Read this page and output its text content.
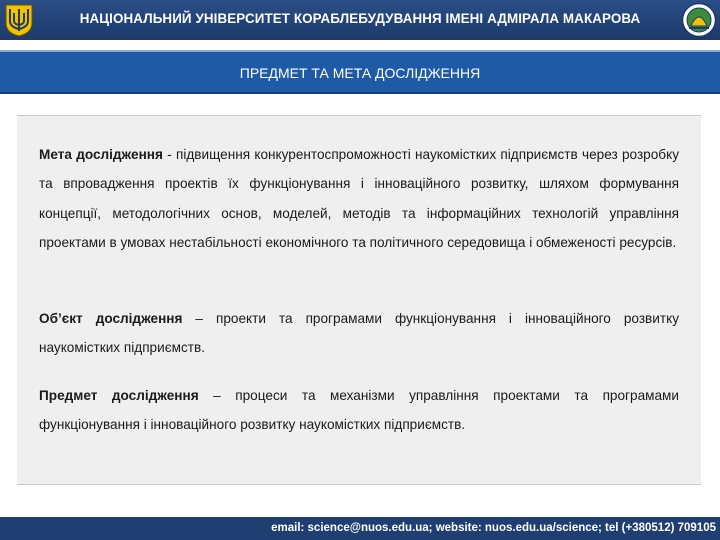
НАЦІОНАЛЬНИЙ УНІВЕРСИТЕТ КОРАБЛЕБУДУВАННЯ ІМЕНІ АДМІРАЛА МАКАРОВА
ПРЕДМЕТ ТА МЕТА ДОСЛІДЖЕННЯ
Мета дослідження - підвищення конкурентоспроможності наукомістких підприємств через розробку та впровадження проектів їх функціонування і інноваційного розвитку, шляхом формування концепції, методологічних основ, моделей, методів та інформаційних технологій управління проектами в умовах нестабільності економічного та політичного середовища і обмеженості ресурсів.
Об’єкт дослідження – проекти та програмами функціонування і інноваційного розвитку наукомістких підприємств.
Предмет дослідження – процеси та механізми управління проектами та програмами функціонування і інноваційного розвитку наукомістких підприємств.
email: science@nuos.edu.ua; website: nuos.edu.ua/science; tel (+380512) 709105
